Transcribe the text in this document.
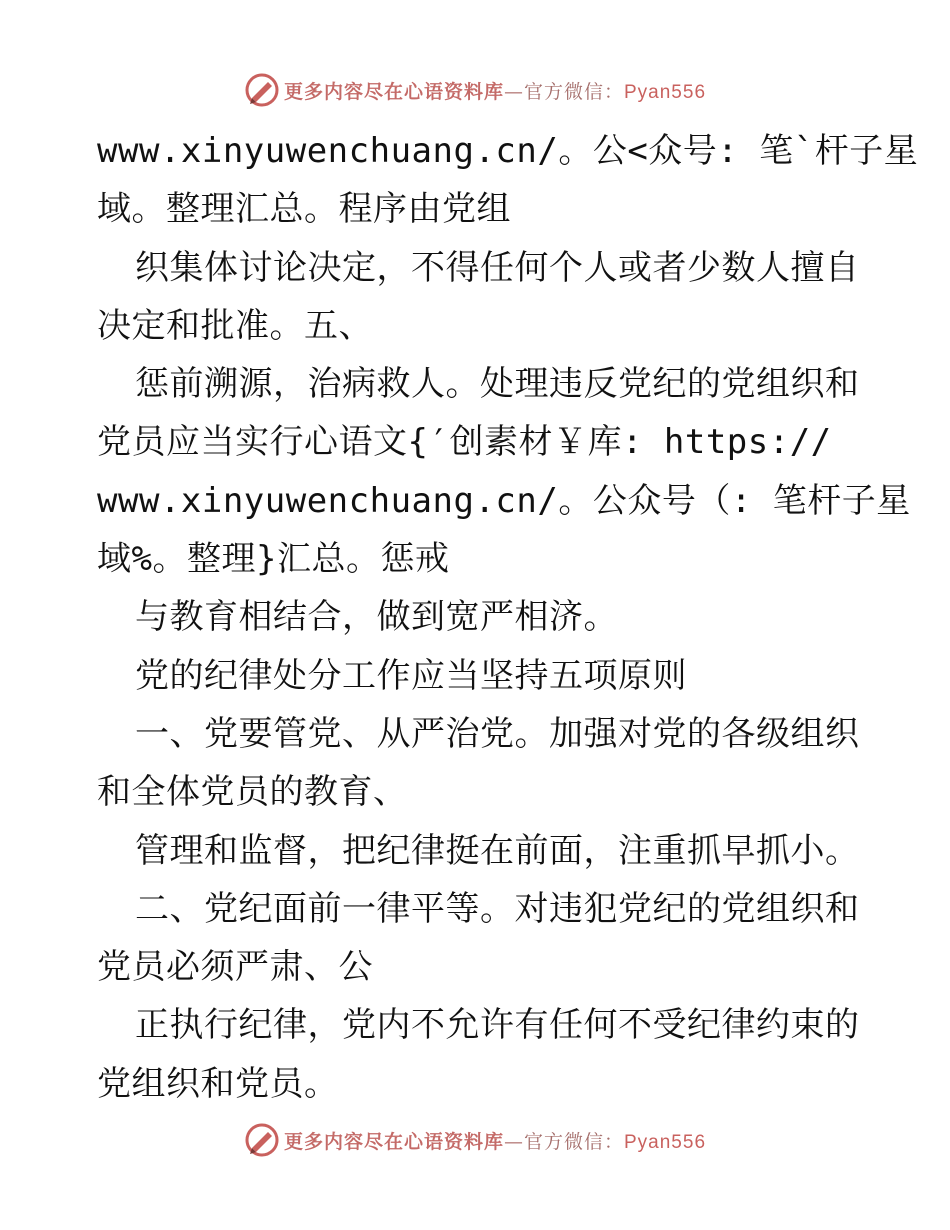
更多内容尽在心语资料库—官方微信：Pyan556
www.xinyuwenchuang.cn/。公<众号: 笔`杆子星
域。整理汇总。程序由党组
织集体讨论决定，不得任何个人或者少数人擅自
决定和批准。五、
惩前溯源，治病救人。处理违反党纪的党组织和
党员应当实行心语文{′创素材￥库: https://
www.xinyuwenchuang.cn/。公众号（: 笔杆子星
域%。整理}汇总。惩戒
与教育相结合，做到宽严相济。
党的纪律处分工作应当坚持五项原则
一、党要管党、从严治党。加强对党的各级组织
和全体党员的教育、
管理和监督，把纪律挺在前面，注重抓早抓小。
二、党纪面前一律平等。对违犯党纪的党组织和
党员必须严肃、公
正执行纪律，党内不允许有任何不受纪律约束的
党组织和党员。
更多内容尽在心语资料库—官方微信：Pyan556
